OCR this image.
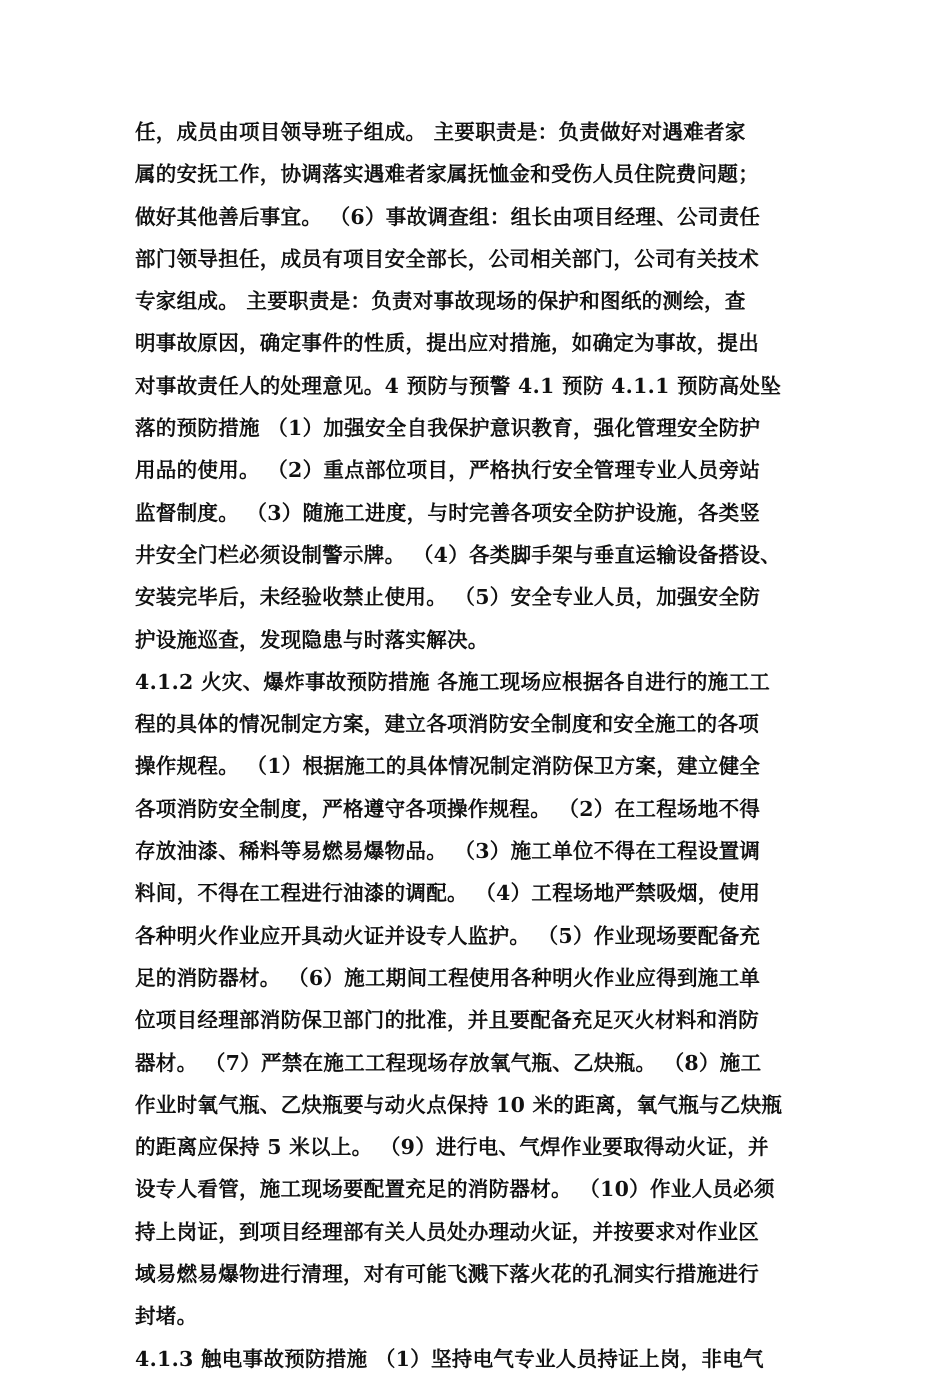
任，成员由项目领导班子组成。 主要职责是：负责做好对遇难者家
属的安抚工作，协调落实遇难者家属抚恤金和受伤人员住院费问题；
做好其他善后事宜。 （6）事故调查组：组长由项目经理、公司责任
部门领导担任，成员有项目安全部长，公司相关部门，公司有关技术
专家组成。 主要职责是：负责对事故现场的保护和图纸的测绘，查
明事故原因，确定事件的性质，提出应对措施，如确定为事故，提出
对事故责任人的处理意见。4 预防与预警 4.1 预防 4.1.1 预防高处坠
落的预防措施 （1）加强安全自我保护意识教育，强化管理安全防护
用品的使用。 （2）重点部位项目，严格执行安全管理专业人员旁站
监督制度。 （3）随施工进度，与时完善各项安全防护设施，各类竖
井安全门栏必须设制警示牌。 （4）各类脚手架与垂直运输设备搭设、
安装完毕后，未经验收禁止使用。 （5）安全专业人员，加强安全防
护设施巡查，发现隐患与时落实解决。
4.1.2 火灾、爆炸事故预防措施 各施工现场应根据各自进行的施工工
程的具体的情况制定方案，建立各项消防安全制度和安全施工的各项
操作规程。 （1）根据施工的具体情况制定消防保卫方案，建立健全
各项消防安全制度，严格遵守各项操作规程。 （2）在工程场地不得
存放油漆、稀料等易燃易爆物品。 （3）施工单位不得在工程设置调
料间，不得在工程进行油漆的调配。 （4）工程场地严禁吸烟，使用
各种明火作业应开具动火证并设专人监护。 （5）作业现场要配备充
足的消防器材。 （6）施工期间工程使用各种明火作业应得到施工单
位项目经理部消防保卫部门的批准，并且要配备充足灭火材料和消防
器材。 （7）严禁在施工工程现场存放氧气瓶、乙炔瓶。 （8）施工
作业时氧气瓶、乙炔瓶要与动火点保持 10 米的距离，氧气瓶与乙炔瓶
的距离应保持 5 米以上。 （9）进行电、气焊作业要取得动火证，并
设专人看管，施工现场要配置充足的消防器材。 （10）作业人员必须
持上岗证，到项目经理部有关人员处办理动火证，并按要求对作业区
域易燃易爆物进行清理，对有可能飞溅下落火花的孔洞实行措施进行
封堵。
4.1.3 触电事故预防措施 （1）坚持电气专业人员持证上岗，非电气
